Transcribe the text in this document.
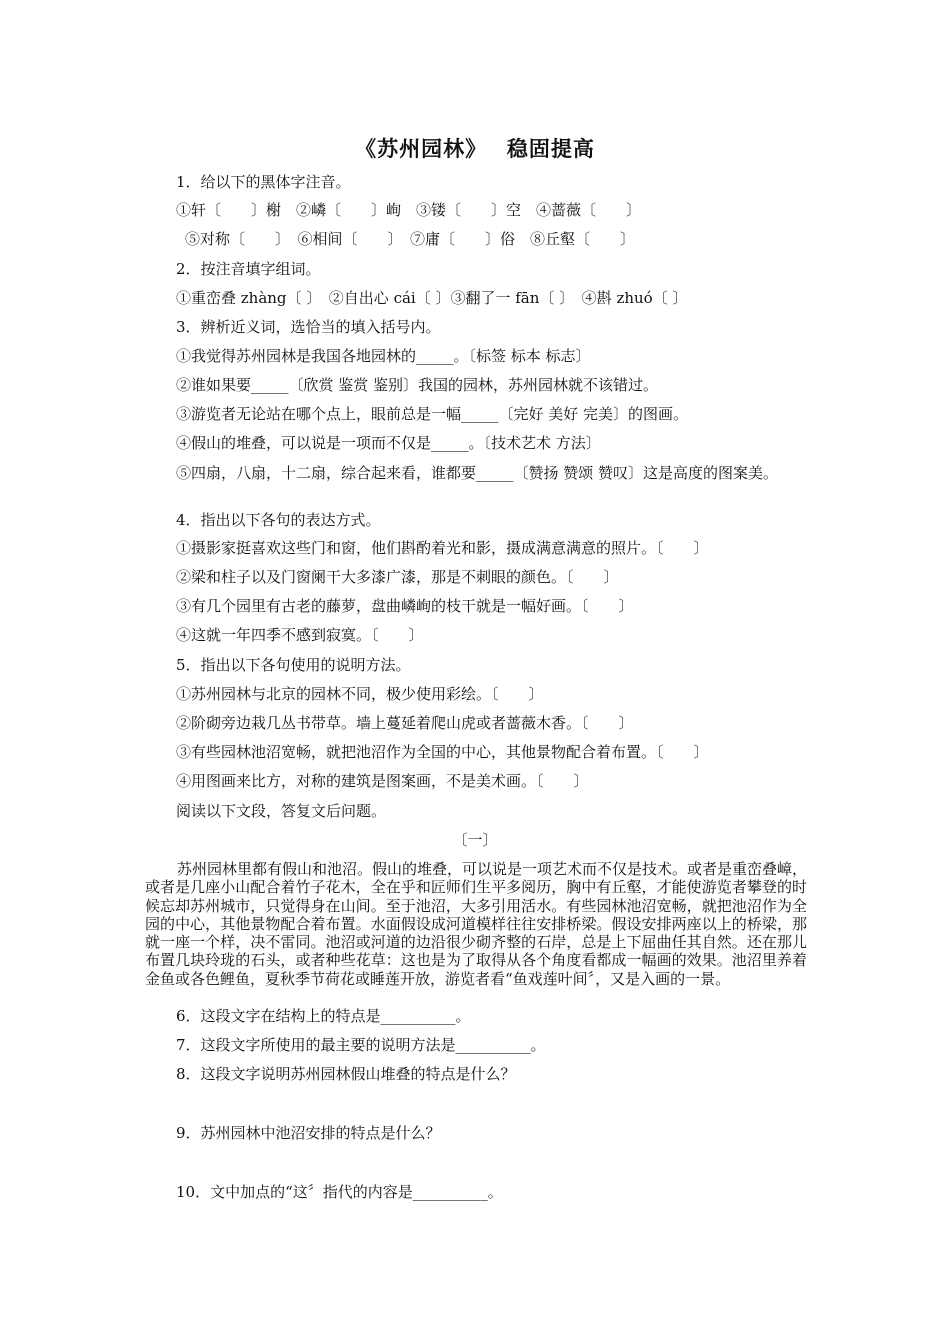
《苏州园林》　 稳固提高
1．给以下的黑体字注音。
①轩〔　　〕榭　②嶙〔　　〕峋　③镂〔　　〕空　④蔷薇〔　　〕
⑤对称〔　　〕　⑥相间〔　　〕　⑦庸〔　　〕俗　⑧丘壑〔　　〕
2．按注音填字组词。
①重峦叠 zhàng〔 〕　②自出心 cái〔 〕③翻了一 fān〔 〕　④斟 zhuó〔 〕
3．辨析近义词，选恰当的填入括号内。
①我觉得苏州园林是我国各地园林的_____。〔标签 标本 标志〕
②谁如果要_____〔欣赏 鉴赏 鉴别〕我国的园林，苏州园林就不该错过。
③游览者无论站在哪个点上，眼前总是一幅_____〔完好 美好 完美〕的图画。
④假山的堆叠，可以说是一项而不仅是_____。〔技术艺术 方法〕
⑤四扇，八扇，十二扇，综合起来看，谁都要_____〔赞扬 赞颂 赞叹〕这是高度的图案美。
4．指出以下各句的表达方式。
①摄影家挺喜欢这些门和窗，他们斟酌着光和影，摄成满意满意的照片。〔　　〕
②梁和柱子以及门窗阑干大多漆广漆，那是不刺眼的颜色。〔　　〕
③有几个园里有古老的藤萝，盘曲嶙峋的枝干就是一幅好画。〔　　〕
④这就一年四季不感到寂寞。〔　　〕
5．指出以下各句使用的说明方法。
①苏州园林与北京的园林不同，极少使用彩绘。〔　　〕
②阶砌旁边栽几丛书带草。墙上蔓延着爬山虎或者蔷薇木香。〔　　〕
③有些园林池沼宽畅，就把池沼作为全国的中心，其他景物配合着布置。〔　　〕
④用图画来比方，对称的建筑是图案画，不是美术画。〔　　〕
阅读以下文段，答复文后问题。
〔一〕
苏州园林里都有假山和池沼。假山的堆叠，可以说是一项艺术而不仅是技术。或者是重峦叠嶂，或者是几座小山配合着竹子花木，全在乎和匠师们生平多阅历，胸中有丘壑，才能使游览者攀登的时候忘却苏州城市，只觉得身在山间。至于池沼，大多引用活水。有些园林池沼宽畅，就把池沼作为全园的中心，其他景物配合着布置。水面假设成河道模样往往安排桥梁。假设安排两座以上的桥梁，那就一座一个样，决不雷同。池沼或河道的边沿很少砌齐整的石岸，总是上下屈曲任其自然。还在那儿布置几块玲珑的石头，或者种些花草：这也是为了取得从各个角度看都成一幅画的效果。池沼里养着金鱼或各色鲤鱼，夏秋季节荷花或睡莲开放，游览者看“鱼戏莲叶间〞，又是入画的一景。
6．这段文字在结构上的特点是__________。
7．这段文字所使用的最主要的说明方法是__________。
8．这段文字说明苏州园林假山堆叠的特点是什么？
9．苏州园林中池沼安排的特点是什么？
10．文中加点的“这〞指代的内容是__________。
